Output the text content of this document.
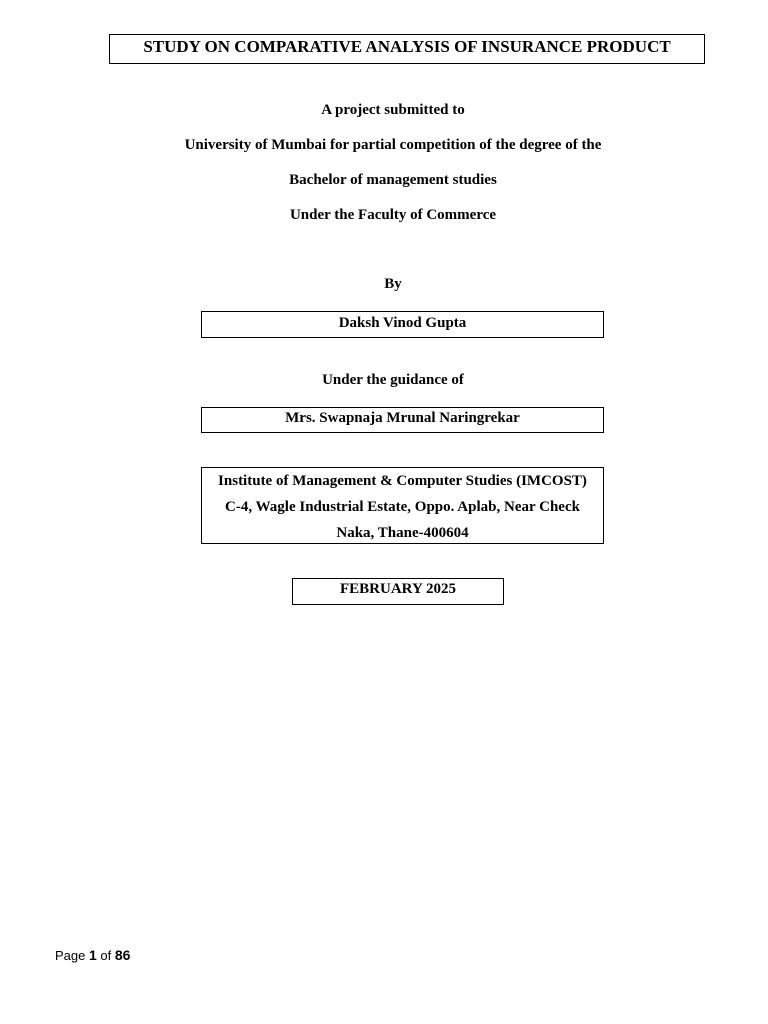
STUDY ON COMPARATIVE ANALYSIS OF INSURANCE PRODUCT
A project submitted to
University of Mumbai for partial competition of the degree of the
Bachelor of management studies
Under the Faculty of Commerce
By
Daksh Vinod Gupta
Under the guidance of
Mrs. Swapnaja Mrunal Naringrekar
Institute of Management & Computer Studies (IMCOST)
C-4, Wagle Industrial Estate, Oppo. Aplab, Near Check
Naka, Thane-400604
FEBRUARY 2025
Page 1 of 86
